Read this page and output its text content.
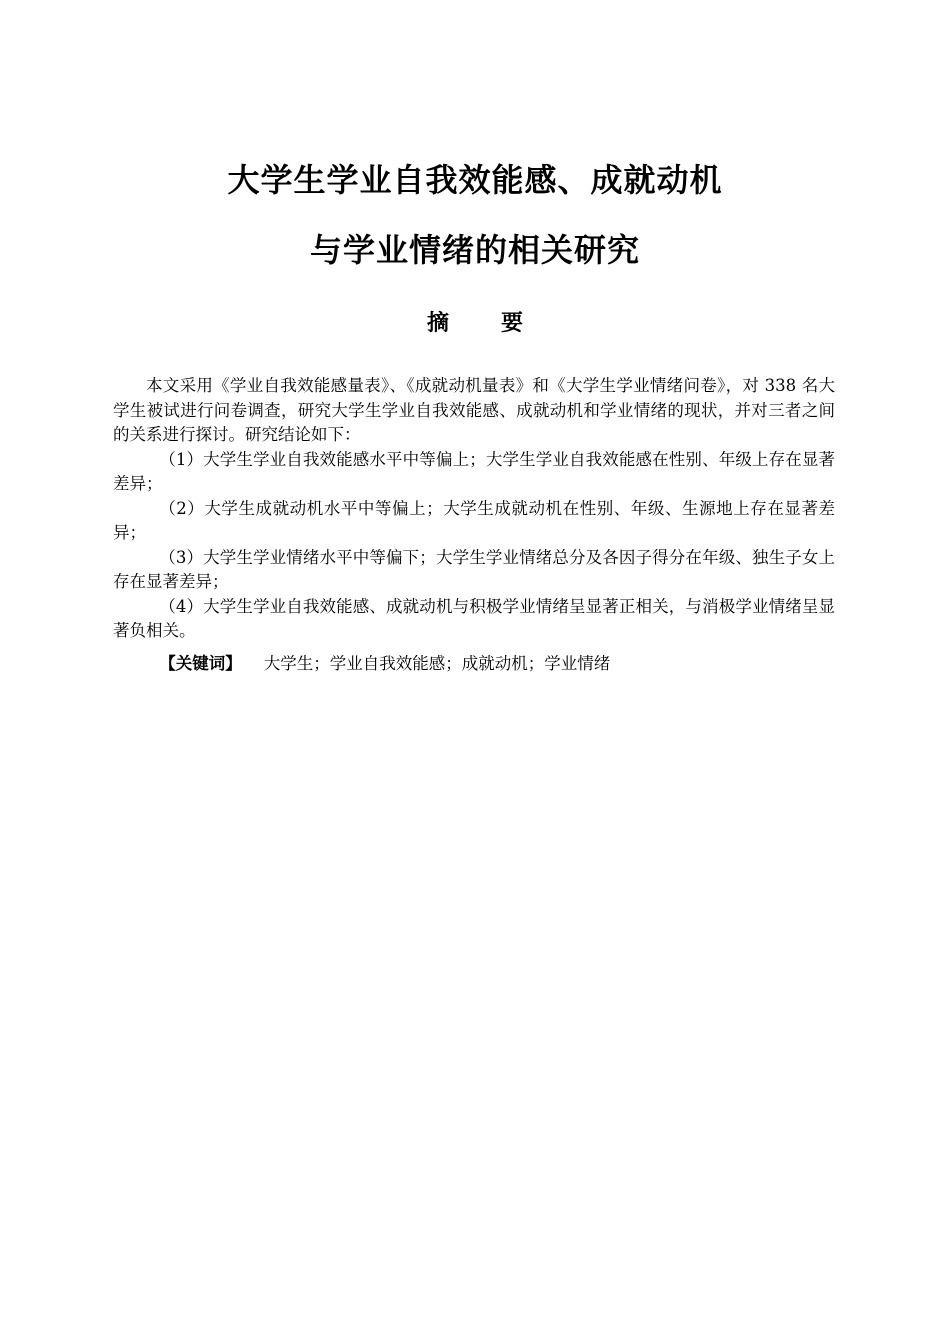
大学生学业自我效能感、成就动机
与学业情绪的相关研究
摘 要

本文采用《学业自我效能感量表》、《成就动机量表》和《大学生学业情绪问卷》，对 338 名大学生被试进行问卷调查，研究大学生学业自我效能感、成就动机和学业情绪的现状，并对三者之间的关系进行探讨。研究结论如下：

（1）大学生学业自我效能感水平中等偏上；大学生学业自我效能感在性别、年级上存在显著差异；

（2）大学生成就动机水平中等偏上；大学生成就动机在性别、年级、生源地上存在显著差异；

（3）大学生学业情绪水平中等偏下；大学生学业情绪总分及各因子得分在年级、独生子女上存在显著差异；

（4）大学生学业自我效能感、成就动机与积极学业情绪呈显著正相关，与消极学业情绪呈显著负相关。

【关键词】 大学生；学业自我效能感；成就动机；学业情绪
